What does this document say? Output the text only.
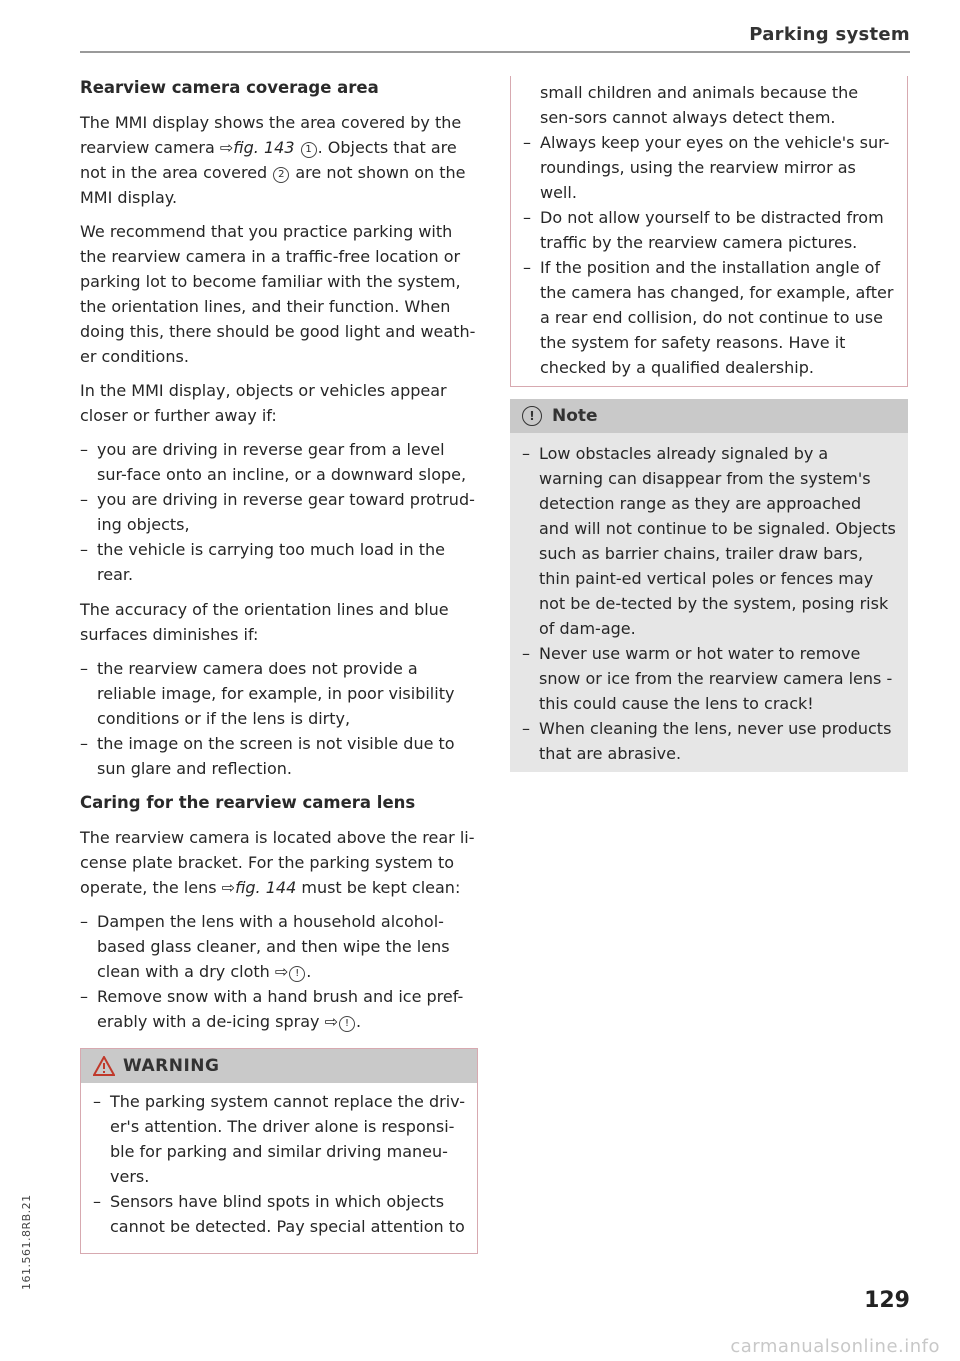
Parking system
Rearview camera coverage area

The MMI display shows the area covered by the rearview camera ⇨fig. 143 1 . Objects that are not in the area covered 2 are not shown on the MMI display.

We recommend that you practice parking with the rearview camera in a traffic-free location or parking lot to become familiar with the system, the orientation lines, and their function. When doing this, there should be good light and weath-er conditions.

In the MMI display, objects or vehicles appear closer or further away if:

– you are driving in reverse gear from a level sur-face onto an incline, or a downward slope,
– you are driving in reverse gear toward protrud-ing objects,
– the vehicle is carrying too much load in the rear.

The accuracy of the orientation lines and blue surfaces diminishes if:

– the rearview camera does not provide a reliable image, for example, in poor visibility conditions or if the lens is dirty,
– the image on the screen is not visible due to sun glare and reflection.
Caring for the rearview camera lens

The rearview camera is located above the rear li-cense plate bracket. For the parking system to operate, the lens ⇨fig. 144 must be kept clean:

– Dampen the lens with a household alcohol-based glass cleaner, and then wipe the lens clean with a dry cloth ⇨ ! .
– Remove snow with a hand brush and ice pref-erably with a de-icing spray ⇨ ! .
WARNING
– The parking system cannot replace the driv-er's attention. The driver alone is responsi-ble for parking and similar driving maneu-vers.
– Sensors have blind spots in which objects cannot be detected. Pay special attention to

small children and animals because the sen-sors cannot always detect them.

– Always keep your eyes on the vehicle's sur-roundings, using the rearview mirror as well.
– Do not allow yourself to be distracted from traffic by the rearview camera pictures.
– If the position and the installation angle of the camera has changed, for example, after a rear end collision, do not continue to use the system for safety reasons. Have it checked by a qualified dealership.
!	Note
– Low obstacles already signaled by a warning can disappear from the system's detection range as they are approached and will not continue to be signaled. Objects such as barrier chains, trailer draw bars, thin paint-ed vertical poles or fences may not be de-tected by the system, posing risk of dam-age.
– Never use warm or hot water to remove snow or ice from the rearview camera lens - this could cause the lens to crack!
– When cleaning the lens, never use products that are abrasive.
161.561.8RB.21
129
carmanualsonline.info
